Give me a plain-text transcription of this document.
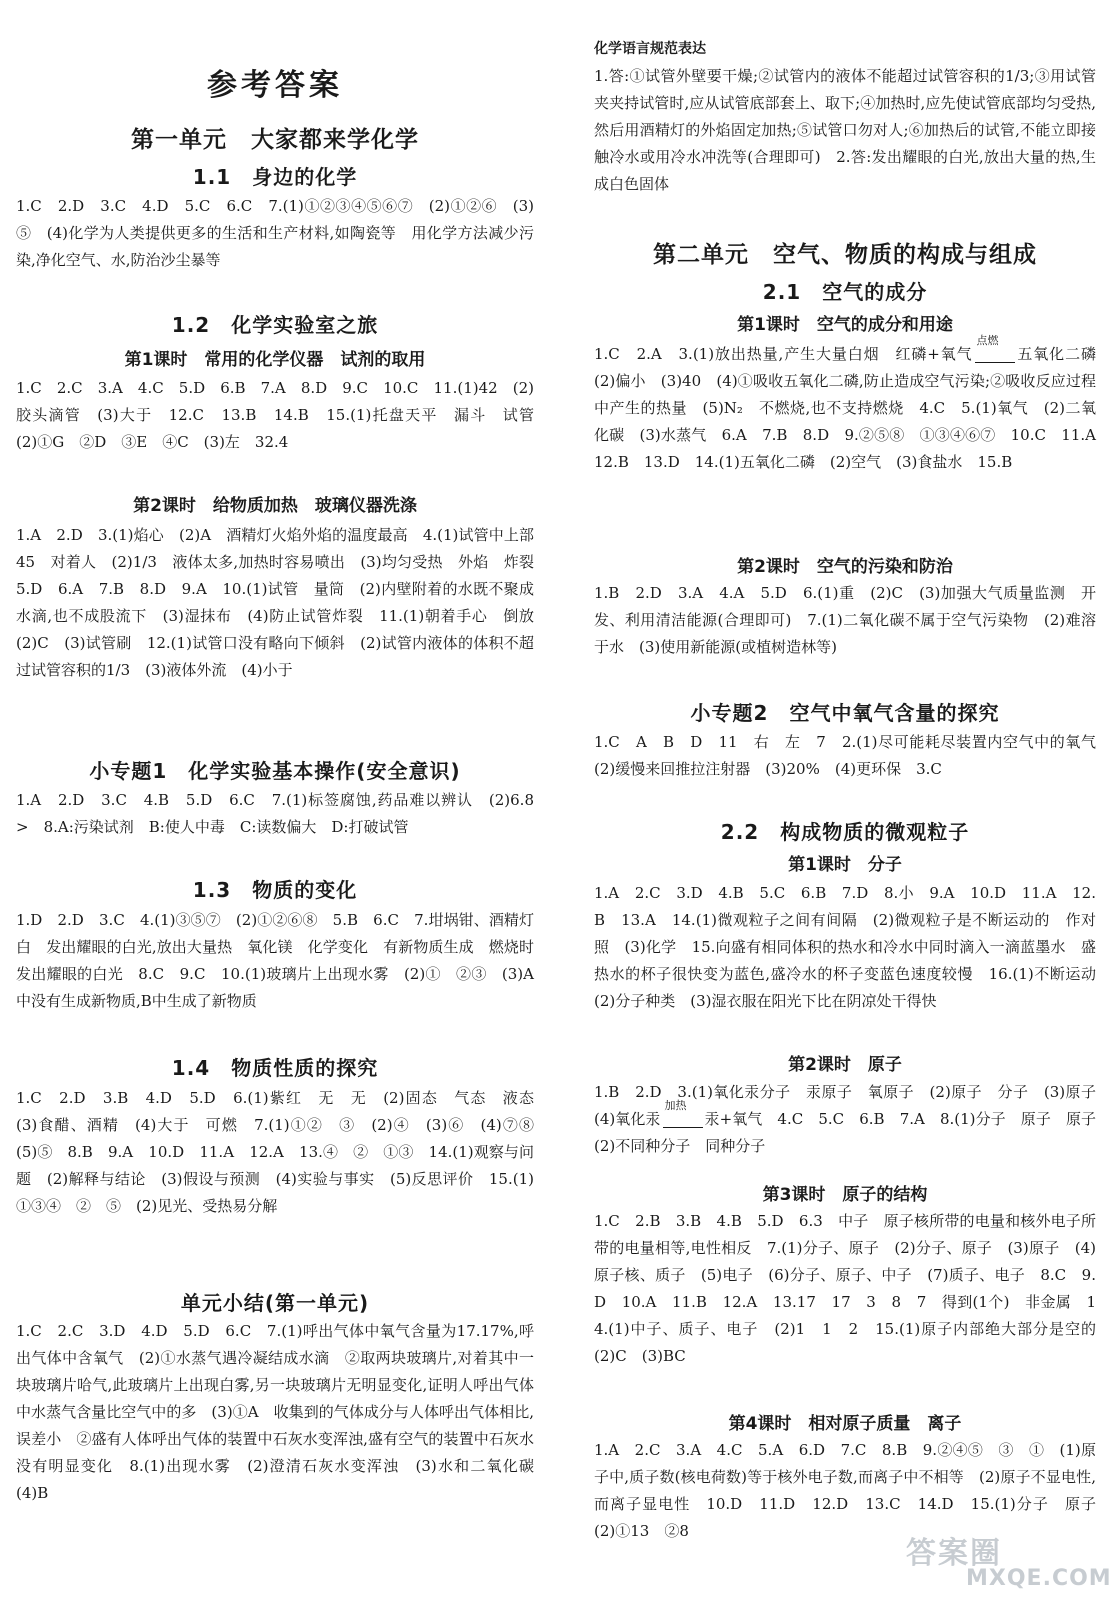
参考答案
第一单元　大家都来学化学
1.1　身边的化学
1.C　2.D　3.C　4.D　5.C　6.C　7.(1)①②③④⑤⑥⑦　(2)①②⑥　(3)⑤　(4)化学为人类提供更多的生活和生产材料,如陶瓷等　用化学方法减少污染,净化空气、水,防治沙尘暴等
1.2　化学实验室之旅
第1课时　常用的化学仪器　试剂的取用
1.C　2.C　3.A　4.C　5.D　6.B　7.A　8.D　9.C　10.C　11.(1)42　(2)胶头滴管　(3)大于　12.C　13.B　14.B　15.(1)托盘天平　漏斗　试管　(2)①G　②D　③E　④C　(3)左　32.4
第2课时　给物质加热　玻璃仪器洗涤
1.A　2.D　3.(1)焰心　(2)A　酒精灯火焰外焰的温度最高　4.(1)试管中上部　45　对着人　(2)1/3　液体太多,加热时容易喷出　(3)均匀受热　外焰　炸裂　5.D　6.A　7.B　8.D　9.A　10.(1)试管　量筒　(2)内壁附着的水既不聚成水滴,也不成股流下　(3)湿抹布　(4)防止试管炸裂　11.(1)朝着手心　倒放　(2)C　(3)试管刷　12.(1)试管口没有略向下倾斜　(2)试管内液体的体积不超过试管容积的1/3　(3)液体外流　(4)小于
小专题1　化学实验基本操作(安全意识)
1.A　2.D　3.C　4.B　5.D　6.C　7.(1)标签腐蚀,药品难以辨认　(2)6.8　>　8.A:污染试剂　B:使人中毒　C:读数偏大　D:打破试管
1.3　物质的变化
1.D　2.D　3.C　4.(1)③⑤⑦　(2)①②⑥⑧　5.B　6.C　7.坩埚钳、酒精灯　白　发出耀眼的白光,放出大量热　氧化镁　化学变化　有新物质生成　燃烧时发出耀眼的白光　8.C　9.C　10.(1)玻璃片上出现水雾　(2)①　②③　(3)A中没有生成新物质,B中生成了新物质
1.4　物质性质的探究
1.C　2.D　3.B　4.D　5.D　6.(1)紫红　无　无　(2)固态　气态　液态　(3)食醋、酒精　(4)大于　可燃　7.(1)①②　③　(2)④　(3)⑥　(4)⑦⑧　(5)⑤　8.B　9.A　10.D　11.A　12.A　13.④　②　①③　14.(1)观察与问题　(2)解释与结论　(3)假设与预测　(4)实验与事实　(5)反思评价　15.(1)①③④　②　⑤　(2)见光、受热易分解
单元小结(第一单元)
1.C　2.C　3.D　4.D　5.D　6.C　7.(1)呼出气体中氧气含量为17.17%,呼出气体中含氧气　(2)①水蒸气遇冷凝结成水滴　②取两块玻璃片,对着其中一块玻璃片哈气,此玻璃片上出现白雾,另一块玻璃片无明显变化,证明人呼出气体中水蒸气含量比空气中的多　(3)①A　收集到的气体成分与人体呼出气体相比,误差小　②盛有人体呼出气体的装置中石灰水变浑浊,盛有空气的装置中石灰水没有明显变化　8.(1)出现水雾　(2)澄清石灰水变浑浊　(3)水和二氧化碳　(4)B
化学语言规范表达
1.答:①试管外壁要干燥;②试管内的液体不能超过试管容积的1/3;③用试管夹夹持试管时,应从试管底部套上、取下;④加热时,应先使试管底部均匀受热,然后用酒精灯的外焰固定加热;⑤试管口勿对人;⑥加热后的试管,不能立即接触冷水或用冷水冲洗等(合理即可)　2.答:发出耀眼的白光,放出大量的热,生成白色固体
第二单元　空气、物质的构成与组成
2.1　空气的成分
第1课时　空气的成分和用途
1.C　2.A　3.(1)放出热量,产生大量白烟　红磷+氧气
点燃
五氧化二磷　(2)偏小　(3)40　(4)①吸收五氧化二磷,防止造成空气污染;②吸收反应过程中产生的热量　(5)N₂　不燃烧,也不支持燃烧　4.C　5.(1)氧气　(2)二氧化碳　(3)水蒸气　6.A　7.B　8.D　9.②⑤⑧　①③④⑥⑦　10.C　11.A　12.B　13.D　14.(1)五氧化二磷　(2)空气　(3)食盐水　15.B
第2课时　空气的污染和防治
1.B　2.D　3.A　4.A　5.D　6.(1)重　(2)C　(3)加强大气质量监测　开发、利用清洁能源(合理即可)　7.(1)二氧化碳不属于空气污染物　(2)难溶于水　(3)使用新能源(或植树造林等)
小专题2　空气中氧气含量的探究
1.C　A　B　D　11　右　左　7　2.(1)尽可能耗尽装置内空气中的氧气　(2)缓慢来回推拉注射器　(3)20%　(4)更环保　3.C
2.2　构成物质的微观粒子
第1课时　分子
1.A　2.C　3.D　4.B　5.C　6.B　7.D　8.小　9.A　10.D　11.A　12.B　13.A　14.(1)微观粒子之间有间隔　(2)微观粒子是不断运动的　作对照　(3)化学　15.向盛有相同体积的热水和冷水中同时滴入一滴蓝墨水　盛热水的杯子很快变为蓝色,盛冷水的杯子变蓝色速度较慢　16.(1)不断运动　(2)分子种类　(3)湿衣服在阳光下比在阴凉处干得快
第2课时　原子
1.B　2.D　3.(1)氧化汞分子　汞原子　氧原子　(2)原子　分子　(3)原子　(4)氧化汞
加热
汞+氧气　4.C　5.C　6.B　7.A　8.(1)分子　原子　原子　(2)不同种分子　同种分子
第3课时　原子的结构
1.C　2.B　3.B　4.B　5.D　6.3　中子　原子核所带的电量和核外电子所带的电量相等,电性相反　7.(1)分子、原子　(2)分子、原子　(3)原子　(4)原子核、质子　(5)电子　(6)分子、原子、中子　(7)质子、电子　8.C　9.D　10.A　11.B　12.A　13.17　17　3　8　7　得到(1个)　非金属　14.(1)中子、质子、电子　(2)1　1　2　15.(1)原子内部绝大部分是空的　(2)C　(3)BC
第4课时　相对原子质量　离子
1.A　2.C　3.A　4.C　5.A　6.D　7.C　8.B　9.②④⑤　③　①　(1)原子中,质子数(核电荷数)等于核外电子数,而离子中不相等　(2)原子不显电性,而离子显电性　10.D　11.D　12.D　13.C　14.D　15.(1)分子　原子　(2)①13　②8
答案圈
MXQE.COM
